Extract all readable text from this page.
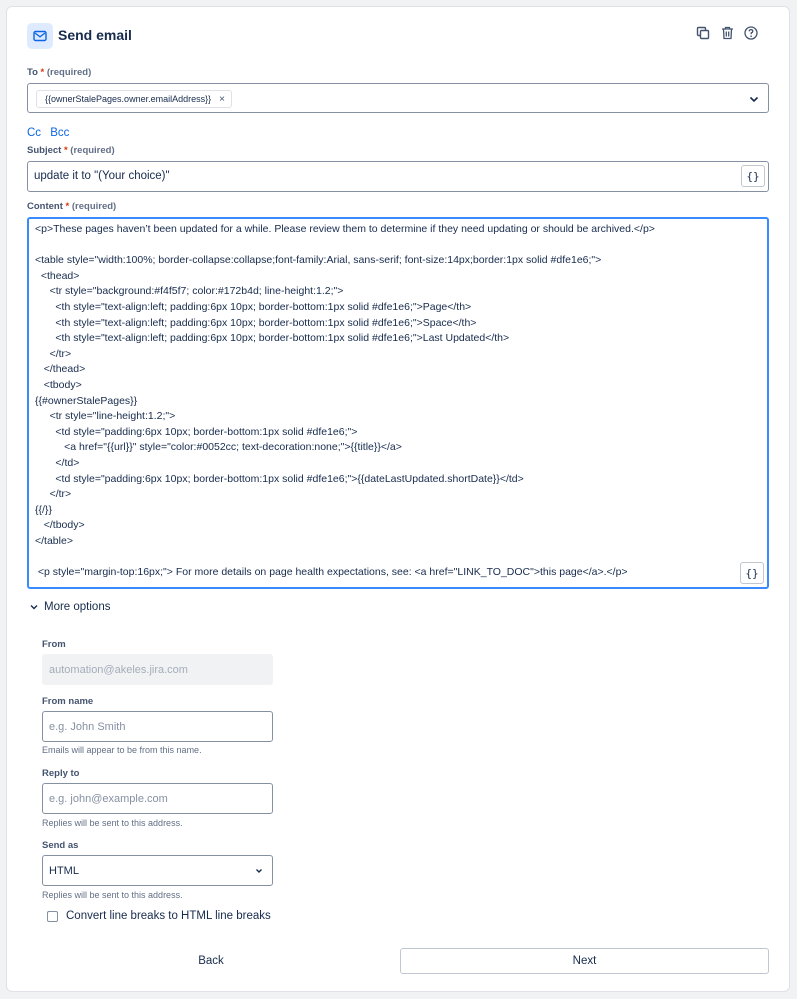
Send email
To * (required)
{{ownerStalePages.owner.emailAddress}} ×
Cc Bcc
Subject * (required)
update it to "(Your choice)"	{}
Content * (required)
<p>These pages haven’t been updated for a while. Please review them to determine if they need updating or should be archived.</p>

<table style="width:100%; border-collapse:collapse;font-family:Arial, sans-serif; font-size:14px;border:1px solid #dfe1e6;">
<thead>
<tr style="background:#f4f5f7; color:#172b4d; line-height:1.2;">
<th style="text-align:left; padding:6px 10px; border-bottom:1px solid #dfe1e6;">Page</th>
<th style="text-align:left; padding:6px 10px; border-bottom:1px solid #dfe1e6;">Space</th>
<th style="text-align:left; padding:6px 10px; border-bottom:1px solid #dfe1e6;">Last Updated</th>
</tr>
</thead>
<tbody>
{{#ownerStalePages}}
<tr style="line-height:1.2;">
<td style="padding:6px 10px; border-bottom:1px solid #dfe1e6;">
<a href="{{url}}" style="color:#0052cc; text-decoration:none;">{{title}}</a>
</td>
<td style="padding:6px 10px; border-bottom:1px solid #dfe1e6;">{{dateLastUpdated.shortDate}}</td>
</tr>
{{/}}
</tbody>
</table>

<p style="margin-top:16px;"> For more details on page health expectations, see: <a href="LINK_TO_DOC">this page</a>.</p>	{}
More options
From
automation@akeles.jira.com
From name
e.g. John Smith
Emails will appear to be from this name.
Reply to
e.g. john@example.com
Replies will be sent to this address.
Send as
HTML
Replies will be sent to this address.
Convert line breaks to HTML line breaks
Back	Next
